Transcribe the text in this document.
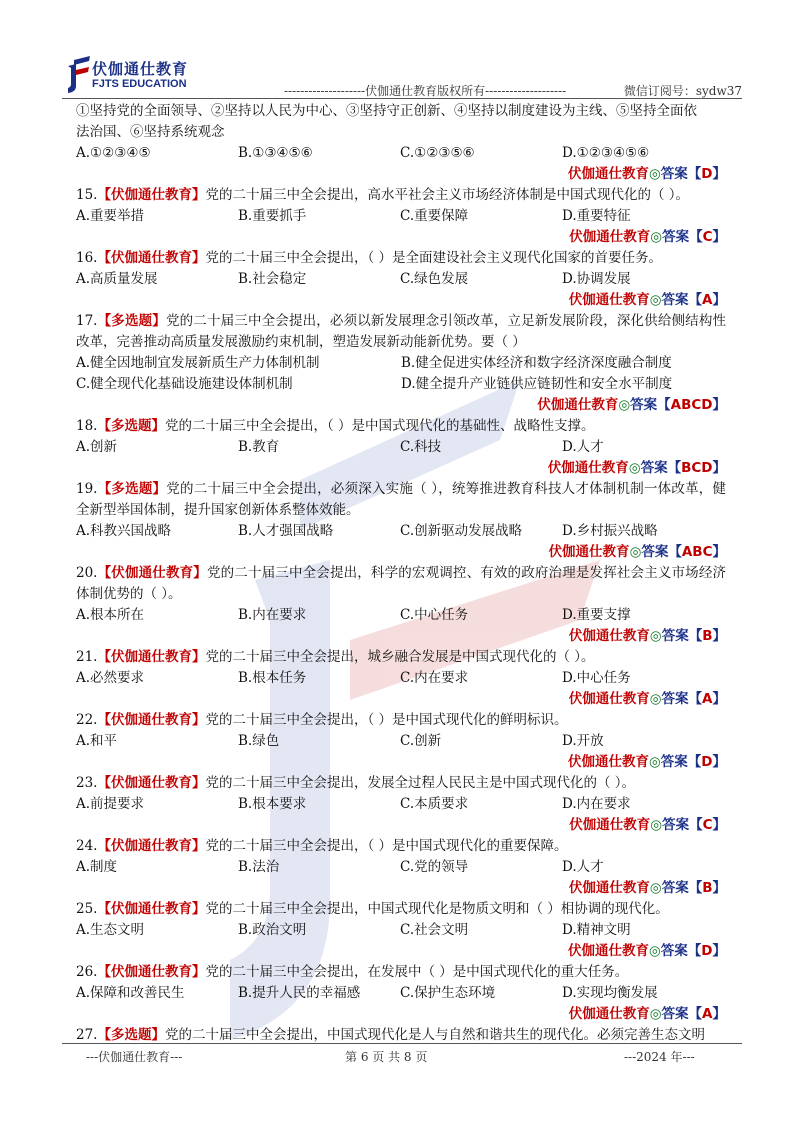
伏伽通仕教育
FJTS EDUCATION	--------------------伏伽通仕教育版权所有--------------------	微信订阅号：sydw37
①坚持党的全面领导、②坚持以人民为中心、③坚持守正创新、④坚持以制度建设为主线、⑤坚持全面依
法治国、⑥坚持系统观念
A.①②③④⑤	B.①③④⑤⑥	C.①②③⑤⑥	D.①②③④⑤⑥
伏伽通仕教育◎答案【D】
15.【伏伽通仕教育】党的二十届三中全会提出，高水平社会主义市场经济体制是中国式现代化的（ ）。
A.重要举措	B.重要抓手	C.重要保障	D.重要特征
伏伽通仕教育◎答案【C】
16.【伏伽通仕教育】党的二十届三中全会提出，（ ）是全面建设社会主义现代化国家的首要任务。
A.高质量发展	B.社会稳定	C.绿色发展	D.协调发展
伏伽通仕教育◎答案【A】
17.【多选题】党的二十届三中全会提出，必须以新发展理念引领改革，立足新发展阶段，深化供给侧结构性改革，完善推动高质量发展激励约束机制，塑造发展新动能新优势。要（ ）
A.健全因地制宜发展新质生产力体制机制	B.健全促进实体经济和数字经济深度融合制度
C.健全现代化基础设施建设体制机制	D.健全提升产业链供应链韧性和安全水平制度
伏伽通仕教育◎答案【ABCD】
18.【多选题】党的二十届三中全会提出，（ ）是中国式现代化的基础性、战略性支撑。
A.创新	B.教育	C.科技	D.人才
伏伽通仕教育◎答案【BCD】
19.【多选题】党的二十届三中全会提出，必须深入实施（ ），统筹推进教育科技人才体制机制一体改革，健全新型举国体制，提升国家创新体系整体效能。
A.科教兴国战略	B.人才强国战略	C.创新驱动发展战略	D.乡村振兴战略
伏伽通仕教育◎答案【ABC】
20.【伏伽通仕教育】党的二十届三中全会提出，科学的宏观调控、有效的政府治理是发挥社会主义市场经济体制优势的（ ）。
A.根本所在	B.内在要求	C.中心任务	D.重要支撑
伏伽通仕教育◎答案【B】
21.【伏伽通仕教育】党的二十届三中全会提出，城乡融合发展是中国式现代化的（ ）。
A.必然要求	B.根本任务	C.内在要求	D.中心任务
伏伽通仕教育◎答案【A】
22.【伏伽通仕教育】党的二十届三中全会提出，（ ）是中国式现代化的鲜明标识。
A.和平	B.绿色	C.创新	D.开放
伏伽通仕教育◎答案【D】
23.【伏伽通仕教育】党的二十届三中全会提出，发展全过程人民民主是中国式现代化的（ ）。
A.前提要求	B.根本要求	C.本质要求	D.内在要求
伏伽通仕教育◎答案【C】
24.【伏伽通仕教育】党的二十届三中全会提出，（ ）是中国式现代化的重要保障。
A.制度	B.法治	C.党的领导	D.人才
伏伽通仕教育◎答案【B】
25.【伏伽通仕教育】党的二十届三中全会提出，中国式现代化是物质文明和（ ）相协调的现代化。
A.生态文明	B.政治文明	C.社会文明	D.精神文明
伏伽通仕教育◎答案【D】
26.【伏伽通仕教育】党的二十届三中全会提出，在发展中（ ）是中国式现代化的重大任务。
A.保障和改善民生	B.提升人民的幸福感	C.保护生态环境	D.实现均衡发展
伏伽通仕教育◎答案【A】
27.【多选题】党的二十届三中全会提出，中国式现代化是人与自然和谐共生的现代化。必须完善生态文明
---伏伽通仕教育---	第 6 页 共 8 页	---2024 年---
